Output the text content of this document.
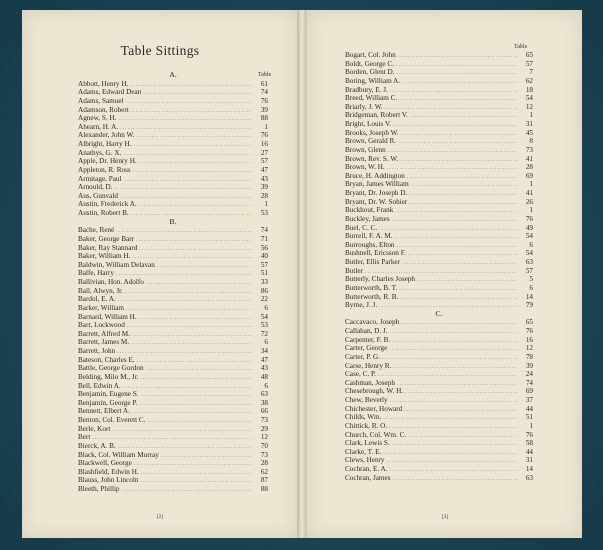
Table Sittings
Table
A.
Abbott, Henry H. .....	61
Adams, Edward Dean .....	74
Adams, Samuel .....	76
Adamson, Robert .....	39
Agnew, S. H. .....	88
Ahearn, H. A. .....	1
Alexander, John W. .....	76
Albright, Harry H. .....	16
Anathys, G. X. .....	27
Apple, Dr. Henry H. .....	57
Appleton, R. Ross .....	47
Armitage, Paul .....	43
Arnould, D. .....	39
Aus, Gunvald .....	28
Austin, Frederick A. .....	1
Austin, Robert B. .....	53
B.
Bache, René .....	74
Baker, George Barr .....	71
Baker, Ray Stannard .....	56
Baker, William H. .....	40
Baldwin, William Delavan .....	57
Balfe, Harry .....	51
Ballivian, Hon. Adolfo .....	33
Ball, Alwyn, Jr. .....	86
Bardol, E. A. .....	22
Barker, William .....	6
Barnard, William H. .....	54
Barr, Lockwood .....	53
Barrett, Alfred M. .....	72
Barrett, James M. .....	6
Barrett, John .....	34
Bateson, Charles E. .....	47
Battle, George Gordon .....	43
Belding, Milo M., Jr. .....	48
Bell, Edwin A. .....	6
Benjamin, Eugene S. .....	63
Benjamin, George P. .....	38
Bennett, Elbert A. .....	66
Benton, Col. Everett C. .....	73
Berle, Kort .....	29
Bert .....	12
Bierck, A. B. .....	70
Black, Col. William Murray .....	73
Blackwell, George .....	28
Blashfield, Edwin H. .....	62
Blauss, John Lincoln .....	87
Bleeth, Phillip .....	88
[2]
Table
Bogart, Col. John .....	65
Boldt, George C. .....	57
Borden, Glent D. .....	7
Boring, William A. .....	62
Bradbury, E. J. .....	18
Breed, William C. .....	54
Briarly, J. W. .....	12
Bridgeman, Robert V. .....	1
Bright, Louis V. .....	31
Brooks, Joseph W. .....	45
Brown, Gerald R. .....	8
Brown, Glenn .....	73
Brown, Rev. S. W. .....	41
Brown, W. H. .....	28
Bruce, H. Addington .....	69
Bryan, James William .....	1
Bryant, Dr. Joseph D. .....	41
Bryant, Dr. W. Sohier .....	26
Buckhout, Frank .....	1
Buckley, James .....	76
Buel, C. C. .....	49
Burrell, F. A. M. .....	54
Burroughs, Elton .....	6
Bushnell, Ericsson F. .....	54
Butler, Ellis Parker .....	63
Butler .....	57
Butterly, Charles Joseph .....	5
Butterworth, B. T. .....	6
Butterworth, R. B. .....	14
Byrne, J. J. .....	79
C.
Caccavaco, Joseph .....	65
Callahan, D. J. .....	76
Carpenter, F. B. .....	16
Carter, George .....	12
Carter, P. G. .....	78
Carse, Henry R. .....	39
Case, C. P. .....	24
Cashman, Joseph .....	74
Chesebrough, W. H. .....	69
Chew, Beverly .....	37
Chichester, Howard .....	44
Childs, Wm. .....	51
Chittick, R. O. .....	1
Church, Col. Wm. C. .....	76
Clark, Lewis S. .....	58
Clarke, T. E. .....	44
Clews, Henry .....	31
Cochran, E. A. .....	14
Cochran, James .....	63
[3]
